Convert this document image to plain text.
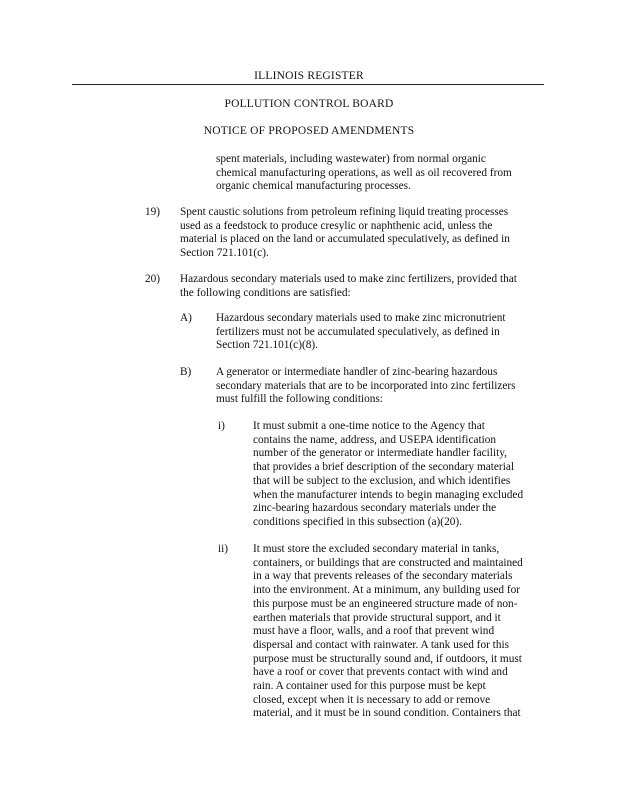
ILLINOIS REGISTER
POLLUTION CONTROL BOARD
NOTICE OF PROPOSED AMENDMENTS
spent materials, including wastewater) from normal organic
chemical manufacturing operations, as well as oil recovered from
organic chemical manufacturing processes.
19) Spent caustic solutions from petroleum refining liquid treating processes
used as a feedstock to produce cresylic or naphthenic acid, unless the
material is placed on the land or accumulated speculatively, as defined in
Section 721.101(c).
20) Hazardous secondary materials used to make zinc fertilizers, provided that
the following conditions are satisfied:
A) Hazardous secondary materials used to make zinc micronutrient
fertilizers must not be accumulated speculatively, as defined in
Section 721.101(c)(8).
B) A generator or intermediate handler of zinc-bearing hazardous
secondary materials that are to be incorporated into zinc fertilizers
must fulfill the following conditions:
i) It must submit a one-time notice to the Agency that
contains the name, address, and USEPA identification
number of the generator or intermediate handler facility,
that provides a brief description of the secondary material
that will be subject to the exclusion, and which identifies
when the manufacturer intends to begin managing excluded
zinc-bearing hazardous secondary materials under the
conditions specified in this subsection (a)(20).
ii) It must store the excluded secondary material in tanks,
containers, or buildings that are constructed and maintained
in a way that prevents releases of the secondary materials
into the environment. At a minimum, any building used for
this purpose must be an engineered structure made of non-
earthen materials that provide structural support, and it
must have a floor, walls, and a roof that prevent wind
dispersal and contact with rainwater. A tank used for this
purpose must be structurally sound and, if outdoors, it must
have a roof or cover that prevents contact with wind and
rain. A container used for this purpose must be kept
closed, except when it is necessary to add or remove
material, and it must be in sound condition. Containers that
